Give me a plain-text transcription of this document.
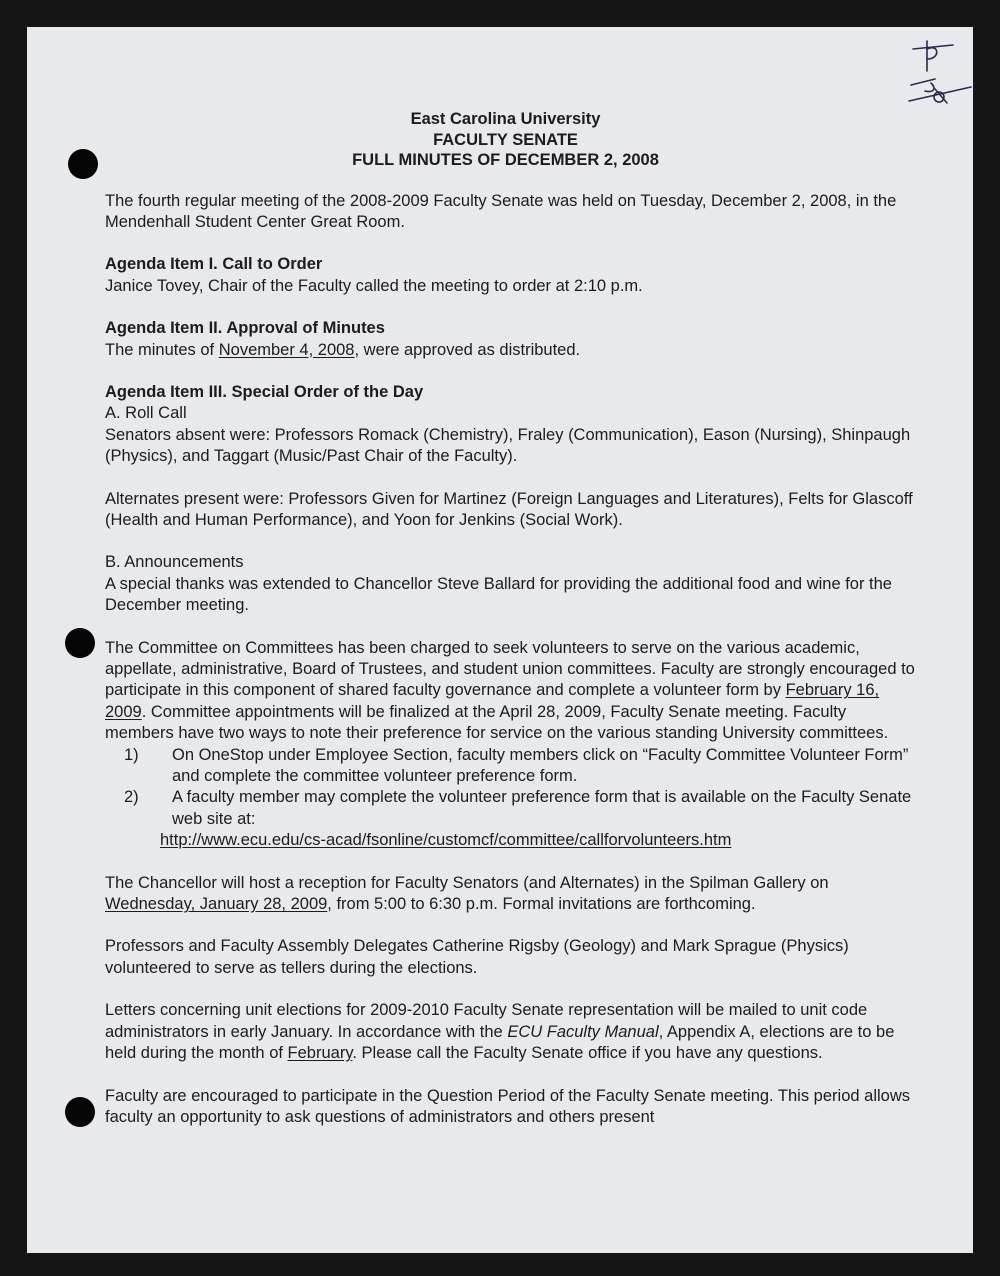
East Carolina University
FACULTY SENATE
FULL MINUTES OF DECEMBER 2, 2008

The fourth regular meeting of the 2008-2009 Faculty Senate was held on Tuesday, December 2, 2008, in the Mendenhall Student Center Great Room.

Agenda Item I. Call to Order

Janice Tovey, Chair of the Faculty called the meeting to order at 2:10 p.m.

Agenda Item II. Approval of Minutes

The minutes of November 4, 2008, were approved as distributed.

Agenda Item III. Special Order of the Day

A. Roll Call

Senators absent were: Professors Romack (Chemistry), Fraley (Communication), Eason (Nursing), Shinpaugh (Physics), and Taggart (Music/Past Chair of the Faculty).

Alternates present were: Professors Given for Martinez (Foreign Languages and Literatures), Felts for Glascoff (Health and Human Performance), and Yoon for Jenkins (Social Work).

B. Announcements

A special thanks was extended to Chancellor Steve Ballard for providing the additional food and wine for the December meeting.

The Committee on Committees has been charged to seek volunteers to serve on the various academic, appellate, administrative, Board of Trustees, and student union committees. Faculty are strongly encouraged to participate in this component of shared faculty governance and complete a volunteer form by February 16, 2009. Committee appointments will be finalized at the April 28, 2009, Faculty Senate meeting. Faculty members have two ways to note their preference for service on the various standing University committees.

1) On OneStop under Employee Section, faculty members click on “Faculty Committee Volunteer Form” and complete the committee volunteer preference form.

2) A faculty member may complete the volunteer preference form that is available on the Faculty Senate web site at:

http://www.ecu.edu/cs-acad/fsonline/customcf/committee/callforvolunteers.htm

The Chancellor will host a reception for Faculty Senators (and Alternates) in the Spilman Gallery on Wednesday, January 28, 2009, from 5:00 to 6:30 p.m. Formal invitations are forthcoming.

Professors and Faculty Assembly Delegates Catherine Rigsby (Geology) and Mark Sprague (Physics) volunteered to serve as tellers during the elections.

Letters concerning unit elections for 2009-2010 Faculty Senate representation will be mailed to unit code administrators in early January. In accordance with the ECU Faculty Manual, Appendix A, elections are to be held during the month of February. Please call the Faculty Senate office if you have any questions.

Faculty are encouraged to participate in the Question Period of the Faculty Senate meeting. This period allows faculty an opportunity to ask questions of administrators and others present
